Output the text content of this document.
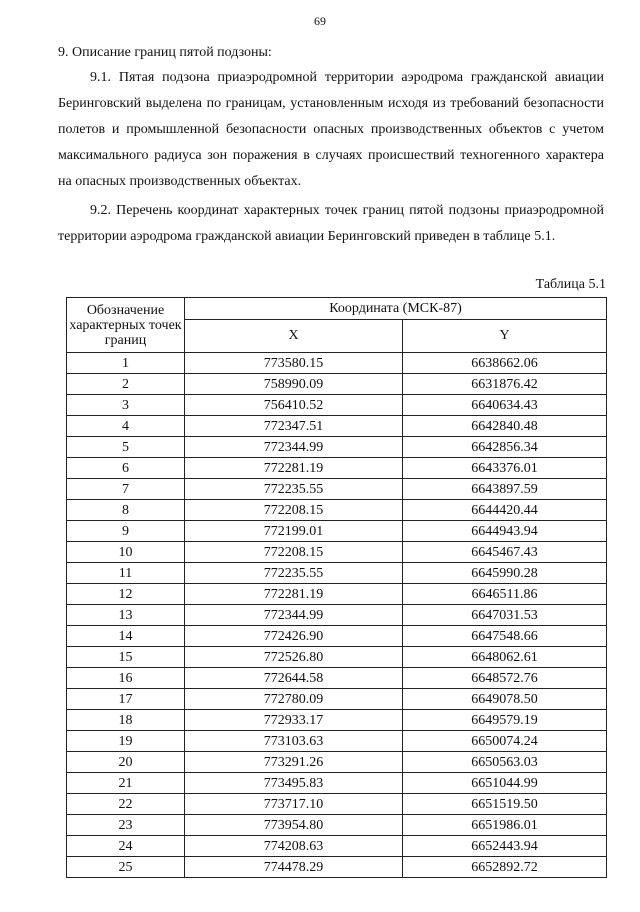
69

9. Описание границ пятой подзоны:

9.1. Пятая подзона приаэродромной территории аэродрома гражданской авиации Беринговский выделена по границам, установленным исходя из требований безопасности полетов и промышленной безопасности опасных производственных объектов с учетом максимального радиуса зон поражения в случаях происшествий техногенного характера на опасных производственных объектах.

9.2. Перечень координат характерных точек границ пятой подзоны приаэродромной территории аэродрома гражданской авиации Беринговский приведен в таблице 5.1.

Таблица 5.1
Обозначение характерных точек границ	Координата (МСК-87)	
	X	Y
1	773580.15	6638662.06
2	758990.09	6631876.42
3	756410.52	6640634.43
4	772347.51	6642840.48
5	772344.99	6642856.34
6	772281.19	6643376.01
7	772235.55	6643897.59
8	772208.15	6644420.44
9	772199.01	6644943.94
10	772208.15	6645467.43
11	772235.55	6645990.28
12	772281.19	6646511.86
13	772344.99	6647031.53
14	772426.90	6647548.66
15	772526.80	6648062.61
16	772644.58	6648572.76
17	772780.09	6649078.50
18	772933.17	6649579.19
19	773103.63	6650074.24
20	773291.26	6650563.03
21	773495.83	6651044.99
22	773717.10	6651519.50
23	773954.80	6651986.01
24	774208.63	6652443.94
25	774478.29	6652892.72
